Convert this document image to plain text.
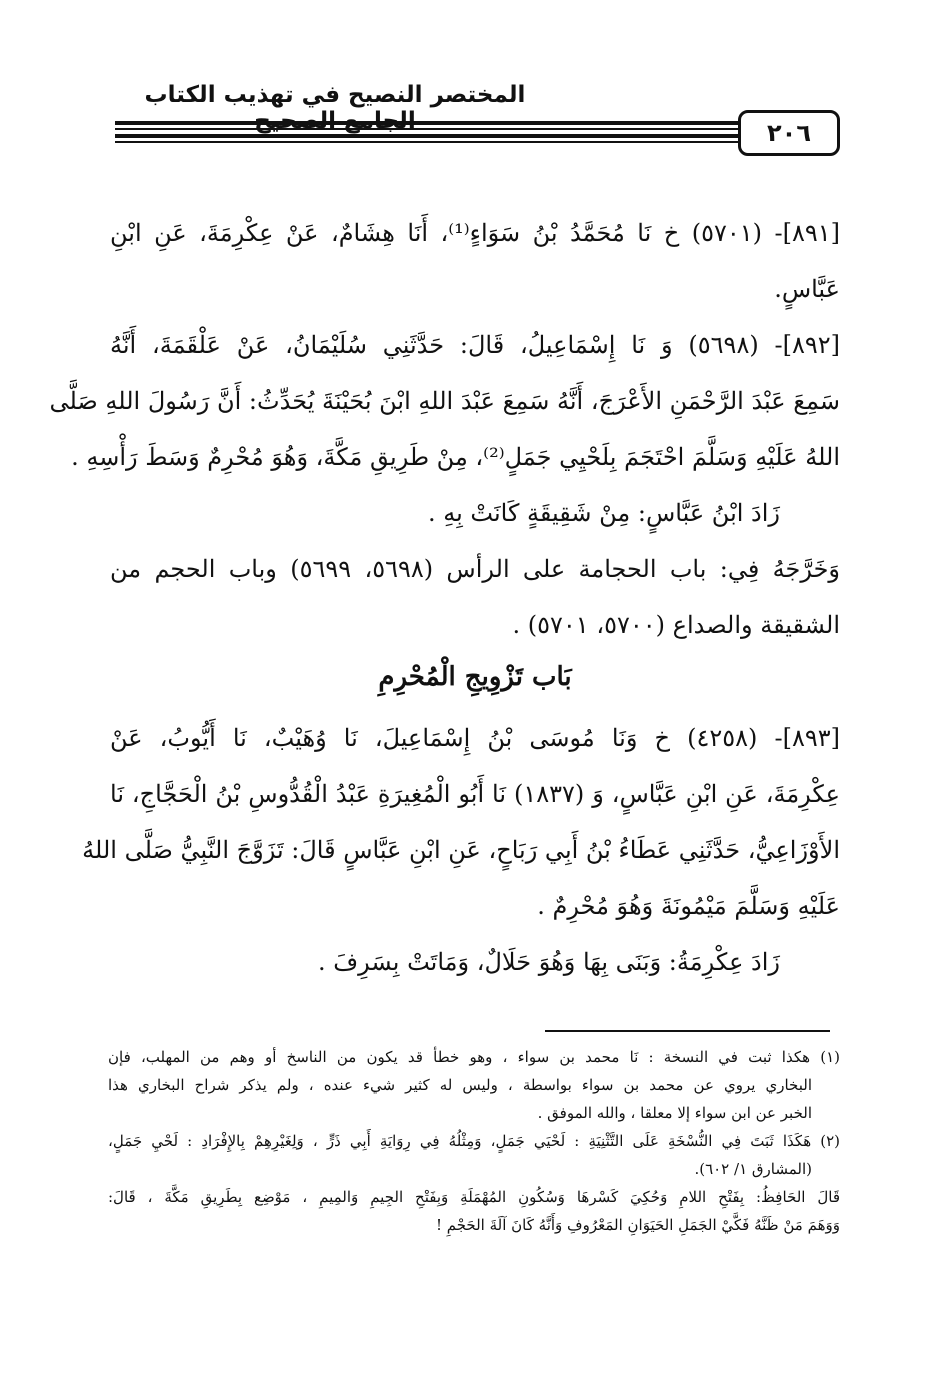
المختصر النصيح في تهذيب الكتاب
٢٠٦
[٨٩١]- (٥٧٠١) خ نَا مُحَمَّدُ بْنُ سَوَاءٍ⁽¹⁾، أَنَا هِشَامٌ، عَنْ عِكْرِمَةَ، عَنِ ابْنِ
عَبَّاسٍ.
[٨٩٢]- (٥٦٩٨) وَ نَا إِسْمَاعِيلُ، قَالَ: حَدَّثَنِي سُلَيْمَانُ، عَنْ عَلْقَمَةَ، أَنَّهُ
سَمِعَ عَبْدَ الرَّحْمَنِ الأَعْرَجَ، أَنَّهُ سَمِعَ عَبْدَ اللهِ ابْنَ بُحَيْنَةَ يُحَدِّثُ: أَنَّ رَسُولَ اللهِ صَلَّى
اللهُ عَلَيْهِ وَسَلَّمَ احْتَجَمَ بِلَحْيِي جَمَلٍ⁽²⁾، مِنْ طَرِيقِ مَكَّةَ، وَهُوَ مُحْرِمٌ وَسَطَ رَأْسِهِ .
زَادَ ابْنُ عَبَّاسٍ: مِنْ شَقِيقَةٍ كَانَتْ بِهِ .
وَخَرَّجَهُ فِي: باب الحجامة على الرأس (٥٦٩٨، ٥٦٩٩) وباب الحجم من
الشقيقة والصداع (٥٧٠٠، ٥٧٠١) .
بَاب تَزْوِيجِ الْمُحْرِمِ
[٨٩٣]- (٤٢٥٨) خ وَنَا مُوسَى بْنُ إِسْمَاعِيلَ، نَا وُهَيْبٌ، نَا أَيُّوبُ، عَنْ
عِكْرِمَةَ، عَنِ ابْنِ عَبَّاسٍ، وَ (١٨٣٧) نَا أَبُو الْمُغِيرَةِ عَبْدُ الْقُدُّوسِ بْنُ الْحَجَّاجِ، نَا
الأَوْزَاعِيُّ، حَدَّثَنِي عَطَاءُ بْنُ أَبِي رَبَاحٍ، عَنِ ابْنِ عَبَّاسٍ قَالَ: تَزَوَّجَ النَّبِيُّ صَلَّى اللهُ
عَلَيْهِ وَسَلَّمَ مَيْمُونَةَ وَهُوَ مُحْرِمٌ .
زَادَ عِكْرِمَةُ: وَبَنَى بِهَا وَهُوَ حَلَالٌ، وَمَاتَتْ بِسَرِفَ .
(١) هكذا ثبت في النسخة : نَا محمد بن سواء ، وهو خطأ قد يكون من الناسخ أو وهم من المهلب، فإن
البخاري يروي عن محمد بن سواء بواسطة ، وليس له كثير شيء عنده ، ولم يذكر شراح البخاري هذا
الخبر عن ابن سواء إلا معلقا ، والله الموفق .
(٢) هَكَذَا ثَبَتَ فِي النُّسْخَةِ عَلَى التَّثْنِيَةِ : لَحْيَي جَمَلٍ، وَمِثْلُهُ فِي رِوَايَةِ أَبِي ذَرٍّ ، وَلِغَيْرِهِمْ بِالإِفْرَادِ : لَحْيِ جَمَلٍ،
(المشارق ١/ ٦٠٢).
قَالَ الحَافِظُ: بِفَتْحِ اللامِ وَحُكِيَ كَسْرهَا وَسُكُونِ المُهْمَلَةِ وَبِفَتْحِ الجِيمِ وَالمِيمِ ، مَوْضِع بِطَرِيقِ مَكَّةَ ، قَالَ:
وَوَهَمَ مَنْ ظَنَّهُ فَكَّيْ الجَمَلِ الحَيَوَانِ المَعْرُوفِ وَأَنَّهُ كَانَ آلَةَ الحَجْمِ !
